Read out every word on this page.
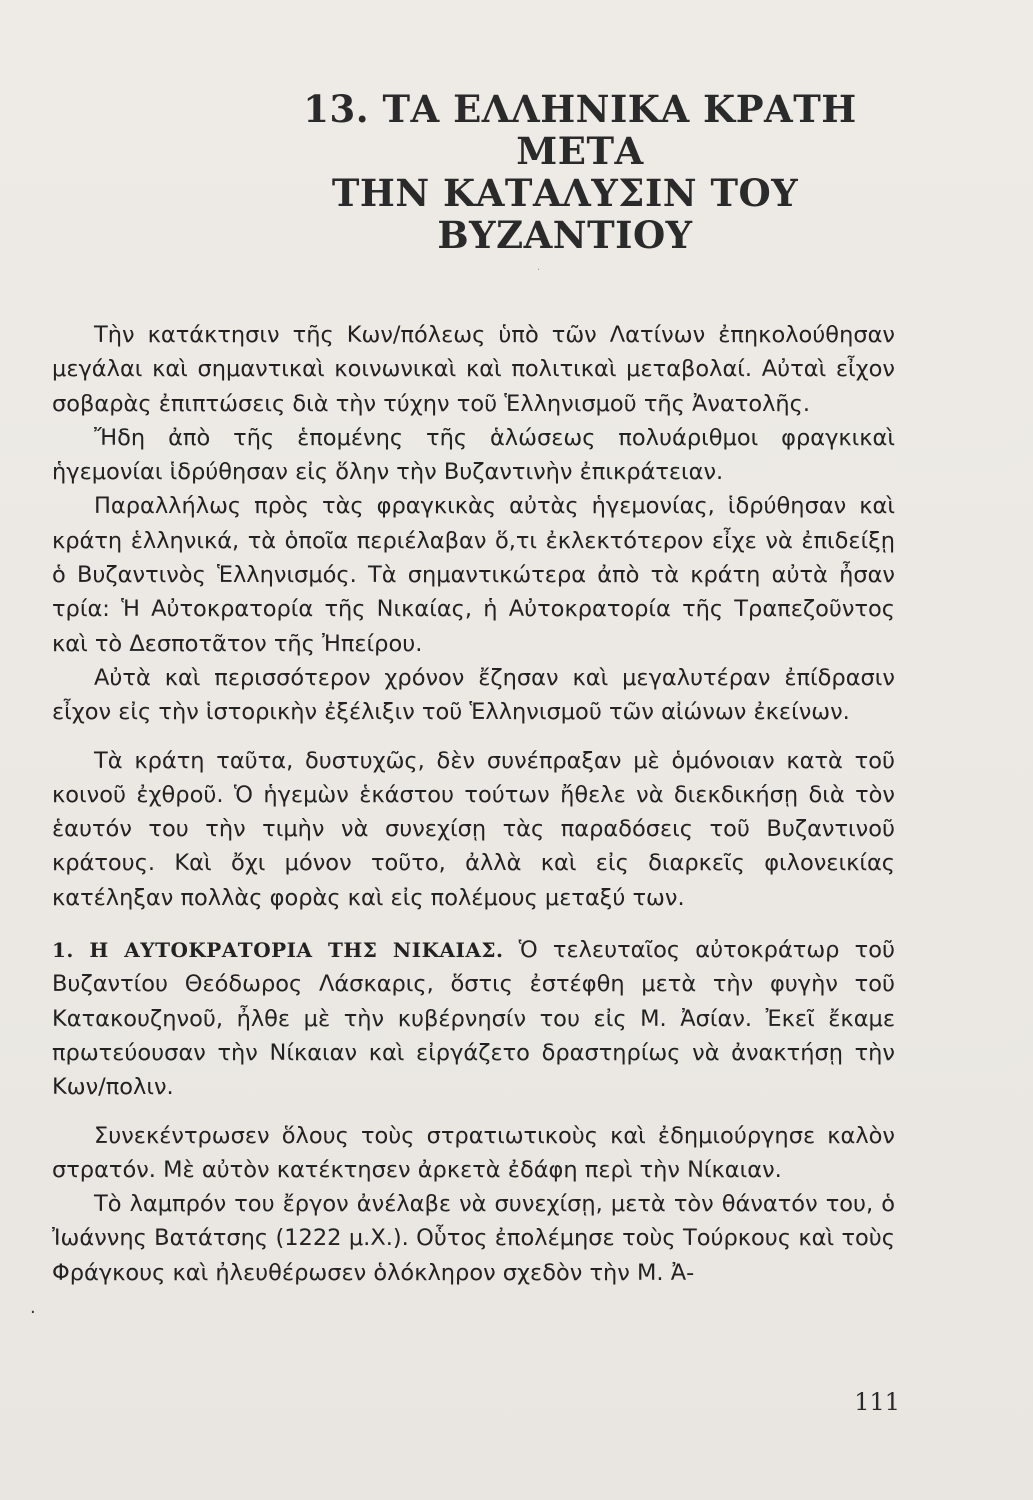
13. ΤΑ ΕΛΛΗΝΙΚΑ ΚΡΑΤΗ ΜΕΤΑ
ΤΗΝ ΚΑΤΑΛΥΣΙΝ ΤΟΥ ΒΥΖΑΝΤΙΟΥ
·

Τὴν κατάκτησιν τῆς Κων/πόλεως ὑπὸ τῶν Λατίνων ἐπηκολούθησαν μεγάλαι καὶ σημαντικαὶ κοινωνικαὶ καὶ πολιτικαὶ μεταβολαί. Αὐταὶ εἶχον σοβαρὰς ἐπιπτώσεις διὰ τὴν τύχην τοῦ Ἑλληνισμοῦ τῆς Ἀνατολῆς.

Ἤδη ἀπὸ τῆς ἑπομένης τῆς ἁλώσεως πολυάριθμοι φραγκικαὶ ἡγεμονίαι ἱδρύθησαν εἰς ὅλην τὴν Βυζαντινὴν ἐπικράτειαν.

Παραλλήλως πρὸς τὰς φραγκικὰς αὐτὰς ἡγεμονίας, ἱδρύθησαν καὶ κράτη ἑλληνικά, τὰ ὁποῖα περιέλαβαν ὅ,τι ἐκλεκτότερον εἶχε νὰ ἐπιδείξῃ ὁ Βυζαντινὸς Ἑλληνισμός. Τὰ σημαντικώτερα ἀπὸ τὰ κράτη αὐτὰ ἦσαν τρία: Ἡ Αὐτοκρατορία τῆς Νικαίας, ἡ Αὐτοκρατορία τῆς Τραπεζοῦντος καὶ τὸ Δεσποτᾶτον τῆς Ἠπείρου.

Αὐτὰ καὶ περισσότερον χρόνον ἔζησαν καὶ μεγαλυτέραν ἐπίδρασιν εἶχον εἰς τὴν ἱστορικὴν ἐξέλιξιν τοῦ Ἑλληνισμοῦ τῶν αἰώνων ἐκείνων.

Τὰ κράτη ταῦτα, δυστυχῶς, δὲν συνέπραξαν μὲ ὁμόνοιαν κατὰ τοῦ κοινοῦ ἐχθροῦ. Ὁ ἡγεμὼν ἑκάστου τούτων ἤθελε νὰ διεκδικήσῃ διὰ τὸν ἑαυτόν του τὴν τιμὴν νὰ συνεχίσῃ τὰς παραδόσεις τοῦ Βυζαντινοῦ κράτους. Καὶ ὄχι μόνον τοῦτο, ἀλλὰ καὶ εἰς διαρκεῖς φιλονεικίας κατέληξαν πολλὰς φορὰς καὶ εἰς πολέμους μεταξύ των.

1. Η ΑΥΤΟΚΡΑΤΟΡΙΑ ΤΗΣ ΝΙΚΑΙΑΣ. Ὁ τελευταῖος αὐτοκράτωρ τοῦ Βυζαντίου Θεόδωρος Λάσκαρις, ὅστις ἐστέφθη μετὰ τὴν φυγὴν τοῦ Κατακουζηνοῦ, ἦλθε μὲ τὴν κυβέρνησίν του εἰς Μ. Ἀσίαν. Ἐκεῖ ἔκαμε πρωτεύουσαν τὴν Νίκαιαν καὶ εἰργάζετο δραστηρίως νὰ ἀνακτήσῃ τὴν Κων/πολιν.

Συνεκέντρωσεν ὅλους τοὺς στρατιωτικοὺς καὶ ἐδημιούργησε καλὸν στρατόν. Μὲ αὐτὸν κατέκτησεν ἀρκετὰ ἐδάφη περὶ τὴν Νίκαιαν.

Τὸ λαμπρόν του ἔργον ἀνέλαβε νὰ συνεχίσῃ, μετὰ τὸν θάνατόν του, ὁ Ἰωάννης Βατάτσης (1222 μ.Χ.). Οὗτος ἐπολέμησε τοὺς Τούρκους καὶ τοὺς Φράγκους καὶ ἠλευθέρωσεν ὁλόκληρον σχεδὸν τὴν Μ. Ἀ-

·
111
